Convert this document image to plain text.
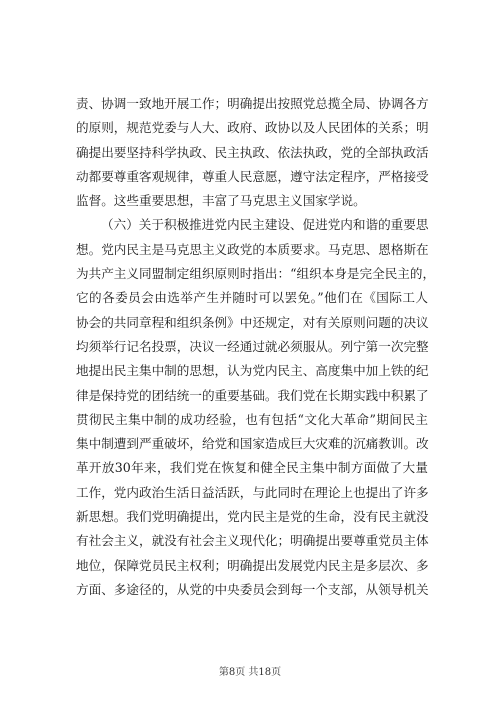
责、协调一致地开展工作；明确提出按照党总揽全局、协调各方
的原则，规范党委与人大、政府、政协以及人民团体的关系；明
确提出要坚持科学执政、民主执政、依法执政，党的全部执政活
动都要尊重客观规律，尊重人民意愿，遵守法定程序，严格接受
监督。这些重要思想，丰富了马克思主义国家学说。
（六）关于积极推进党内民主建设、促进党内和谐的重要思
想。党内民主是马克思主义政党的本质要求。马克思、恩格斯在
为共产主义同盟制定组织原则时指出：“组织本身是完全民主的，
它的各委员会由选举产生并随时可以罢免。”他们在《国际工人
协会的共同章程和组织条例》中还规定，对有关原则问题的决议
均须举行记名投票，决议一经通过就必须服从。列宁第一次完整
地提出民主集中制的思想，认为党内民主、高度集中加上铁的纪
律是保持党的团结统一的重要基础。我们党在长期实践中积累了
贯彻民主集中制的成功经验，也有包括“文化大革命”期间民主
集中制遭到严重破坏，给党和国家造成巨大灾难的沉痛教训。改
革开放30年来，我们党在恢复和健全民主集中制方面做了大量
工作，党内政治生活日益活跃，与此同时在理论上也提出了许多
新思想。我们党明确提出，党内民主是党的生命，没有民主就没
有社会主义，就没有社会主义现代化；明确提出要尊重党员主体
地位，保障党员民主权利；明确提出发展党内民主是多层次、多
方面、多途径的，从党的中央委员会到每一个支部，从领导机关
第8页 共18页
